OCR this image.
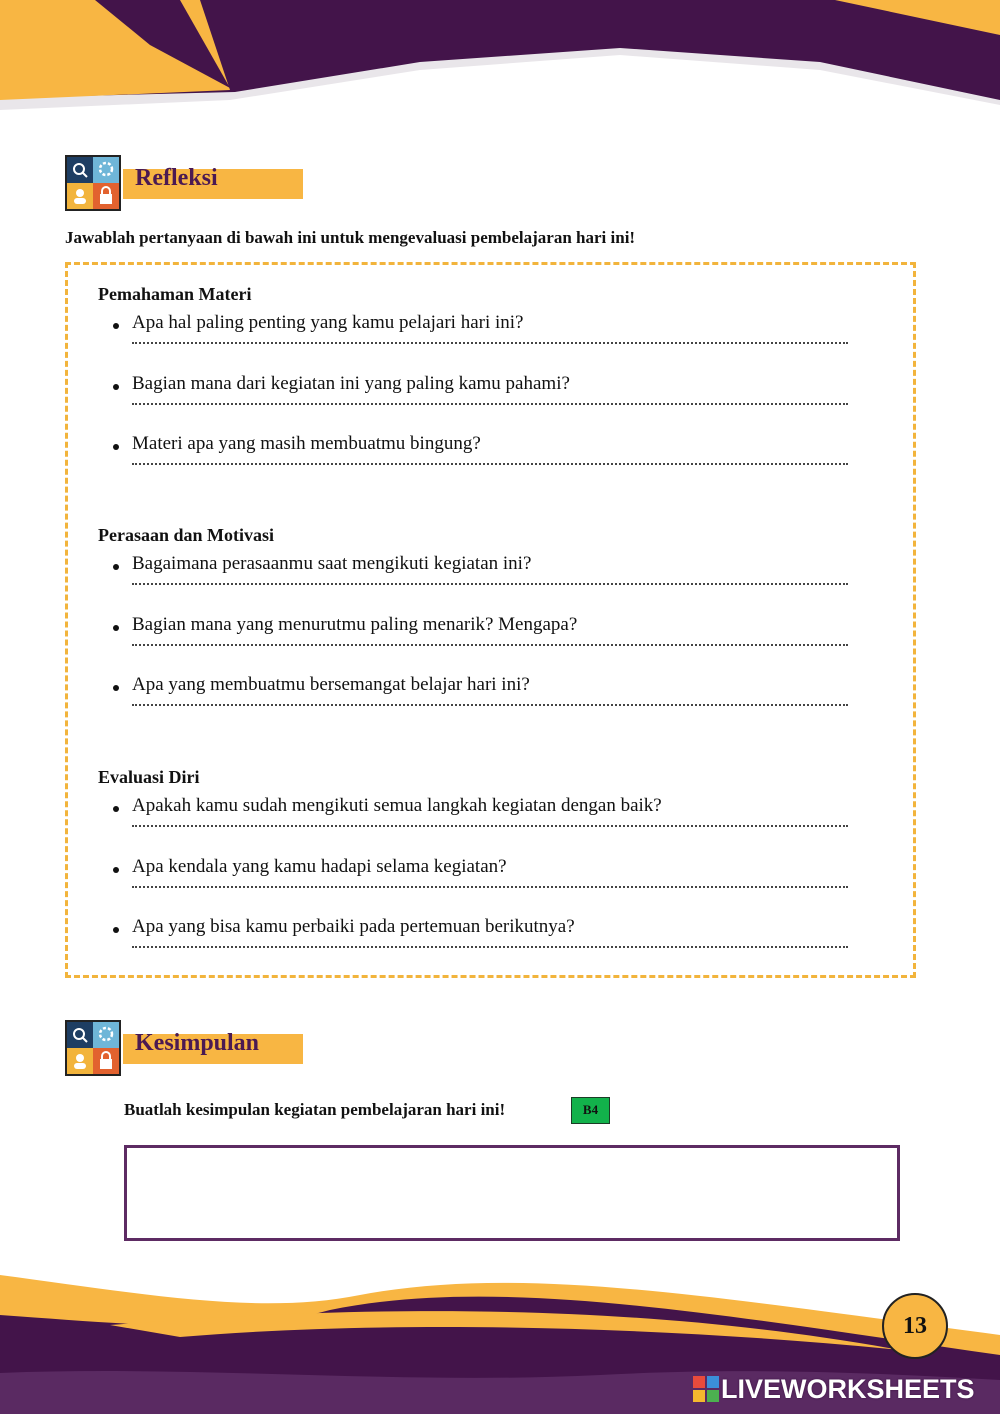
Refleksi
Jawablah pertanyaan di bawah ini untuk mengevaluasi pembelajaran hari ini!
Pemahaman Materi
Apa hal paling penting yang kamu pelajari hari ini?
Bagian mana dari kegiatan ini yang paling kamu pahami?
Materi apa yang masih membuatmu bingung?
Perasaan dan Motivasi
Bagaimana perasaanmu saat mengikuti kegiatan ini?
Bagian mana yang menurutmu paling menarik? Mengapa?
Apa yang membuatmu bersemangat belajar hari ini?
Evaluasi Diri
Apakah kamu sudah mengikuti semua langkah kegiatan dengan baik?
Apa kendala yang kamu hadapi selama kegiatan?
Apa yang bisa kamu perbaiki pada pertemuan berikutnya?
Kesimpulan
Buatlah kesimpulan kegiatan pembelajaran hari ini!	B4
13
LIVEWORKSHEETS
